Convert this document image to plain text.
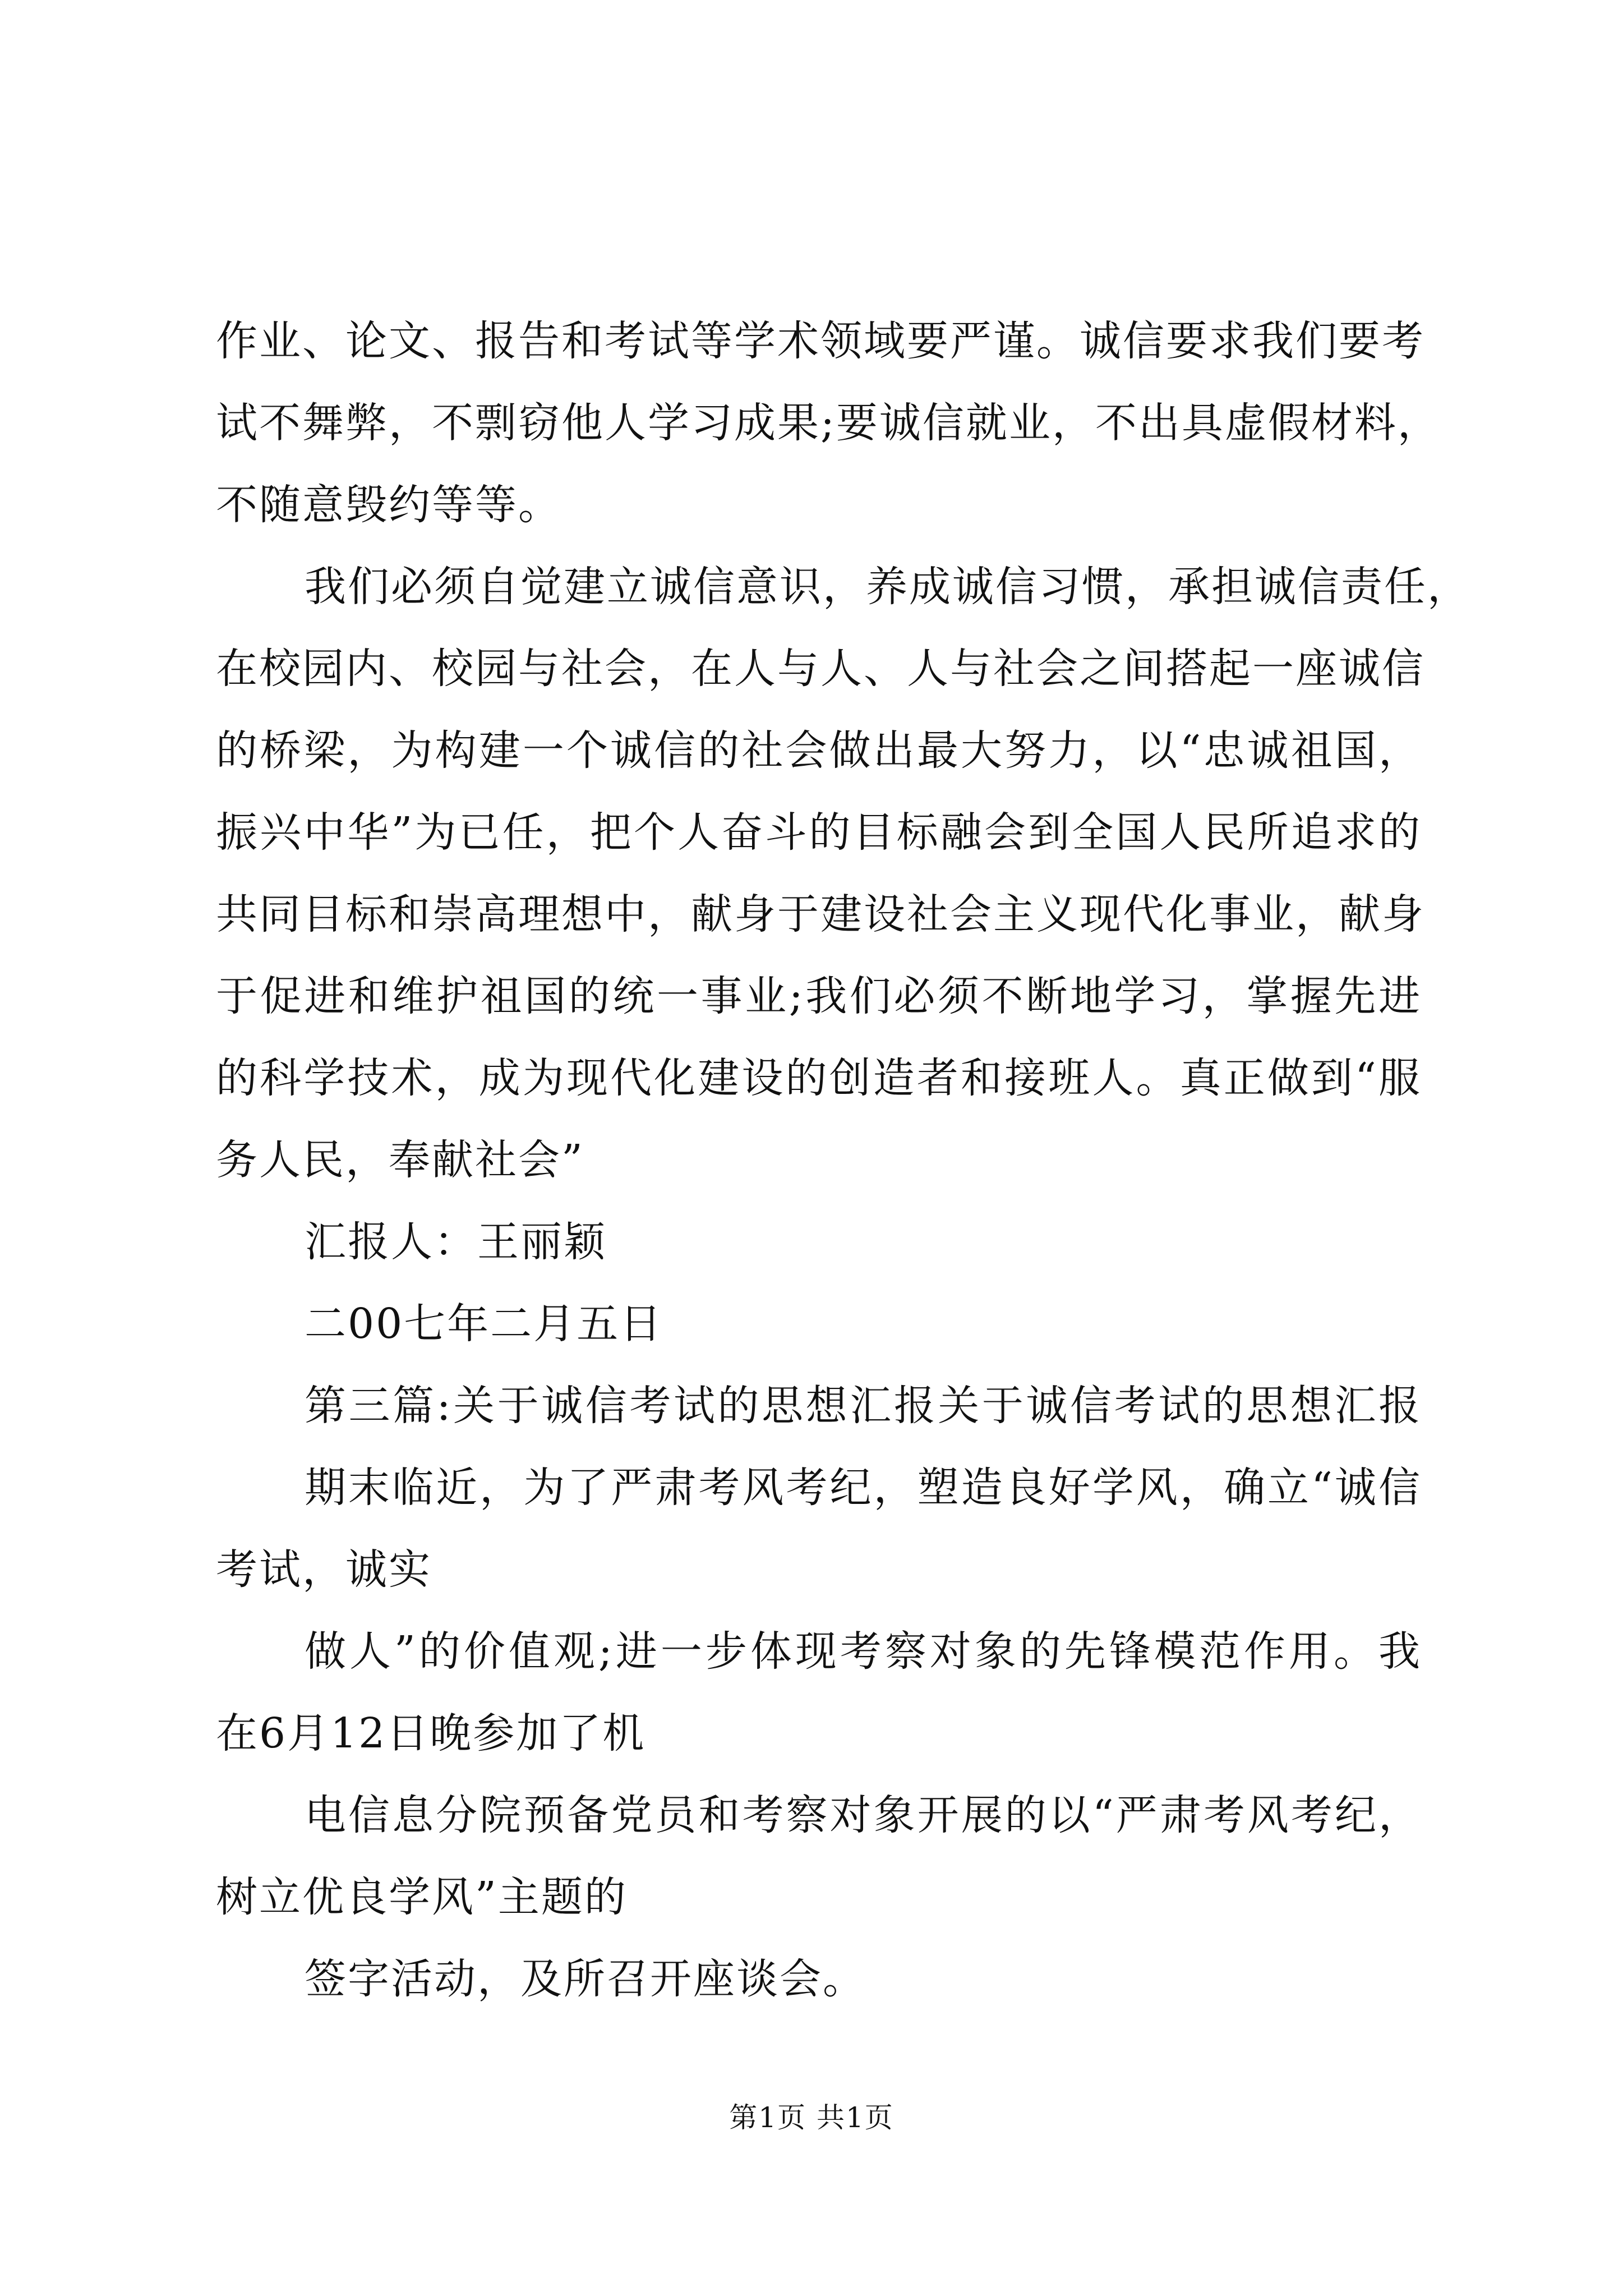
作业、论文、报告和考试等学术领域要严谨。诚信要求我们要考
试不舞弊，不剽窃他人学习成果;要诚信就业，不出具虚假材料，
不随意毁约等等。
我们必须自觉建立诚信意识，养成诚信习惯，承担诚信责任，
在校园内、校园与社会，在人与人、人与社会之间搭起一座诚信
的桥梁，为构建一个诚信的社会做出最大努力，以“忠诚祖国，
振兴中华”为已任，把个人奋斗的目标融会到全国人民所追求的
共同目标和崇高理想中，献身于建设社会主义现代化事业，献身
于促进和维护祖国的统一事业;我们必须不断地学习，掌握先进
的科学技术，成为现代化建设的创造者和接班人。真正做到“服
务人民，奉献社会”
汇报人：王丽颖
二00七年二月五日
第三篇:关于诚信考试的思想汇报关于诚信考试的思想汇报
期末临近，为了严肃考风考纪，塑造良好学风，确立“诚信
考试，诚实
做人”的价值观;进一步体现考察对象的先锋模范作用。我
在6月12日晚参加了机
电信息分院预备党员和考察对象开展的以“严肃考风考纪，
树立优良学风”主题的
签字活动，及所召开座谈会。
第1页 共1页
